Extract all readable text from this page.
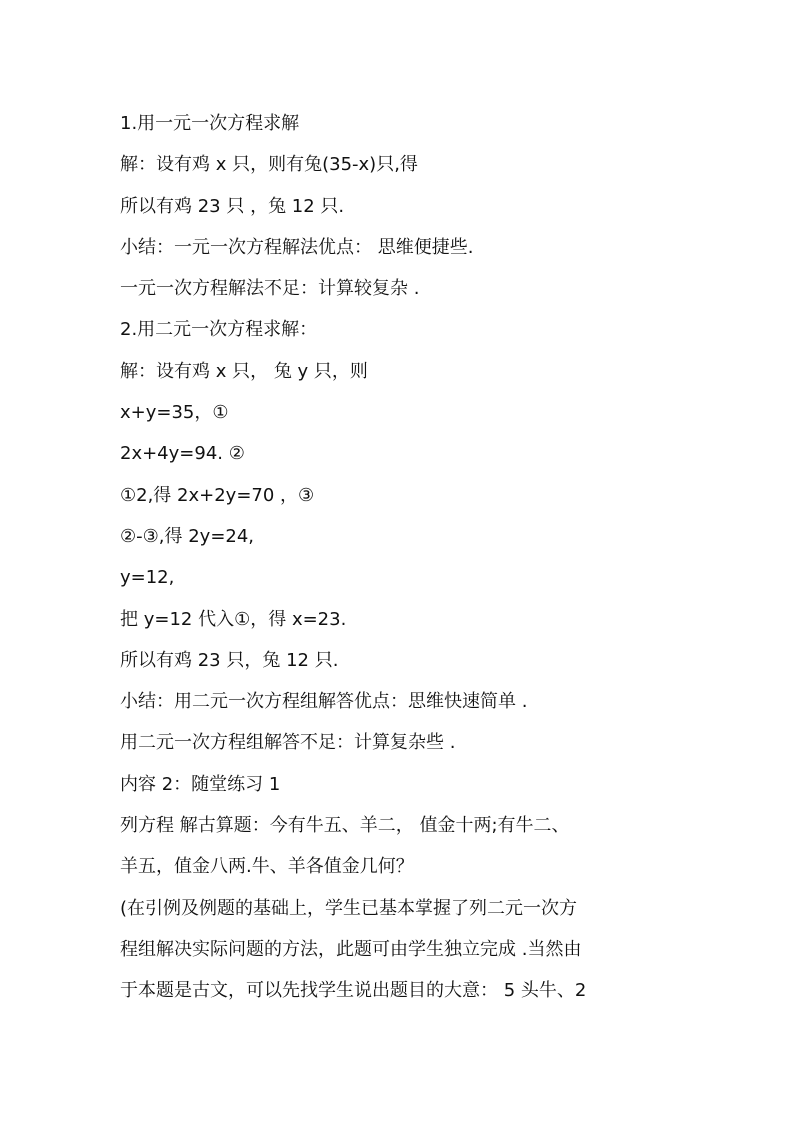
1.用一元一次方程求解
解：设有鸡 x 只，则有兔(35-x)只,得
所以有鸡 23 只 ，兔 12 只.
小结：一元一次方程解法优点： 思维便捷些.
一元一次方程解法不足：计算较复杂 .
2.用二元一次方程求解：
解：设有鸡 x 只， 兔 y 只，则
x+y=35，①
2x+4y=94. ②
①2,得 2x+2y=70 ，③
②-③,得 2y=24,
y=12,
把 y=12 代入①，得 x=23.
所以有鸡 23 只，兔 12 只.
小结：用二元一次方程组解答优点：思维快速简单 .
用二元一次方程组解答不足：计算复杂些 .
内容 2：随堂练习 1
列方程 解古算题：今有牛五、羊二， 值金十两;有牛二、
羊五，值金八两.牛、羊各值金几何？
(在引例及例题的基础上，学生已基本掌握了列二元一次方
程组解决实际问题的方法，此题可由学生独立完成 .当然由
于本题是古文，可以先找学生说出题目的大意： 5 头牛、2
